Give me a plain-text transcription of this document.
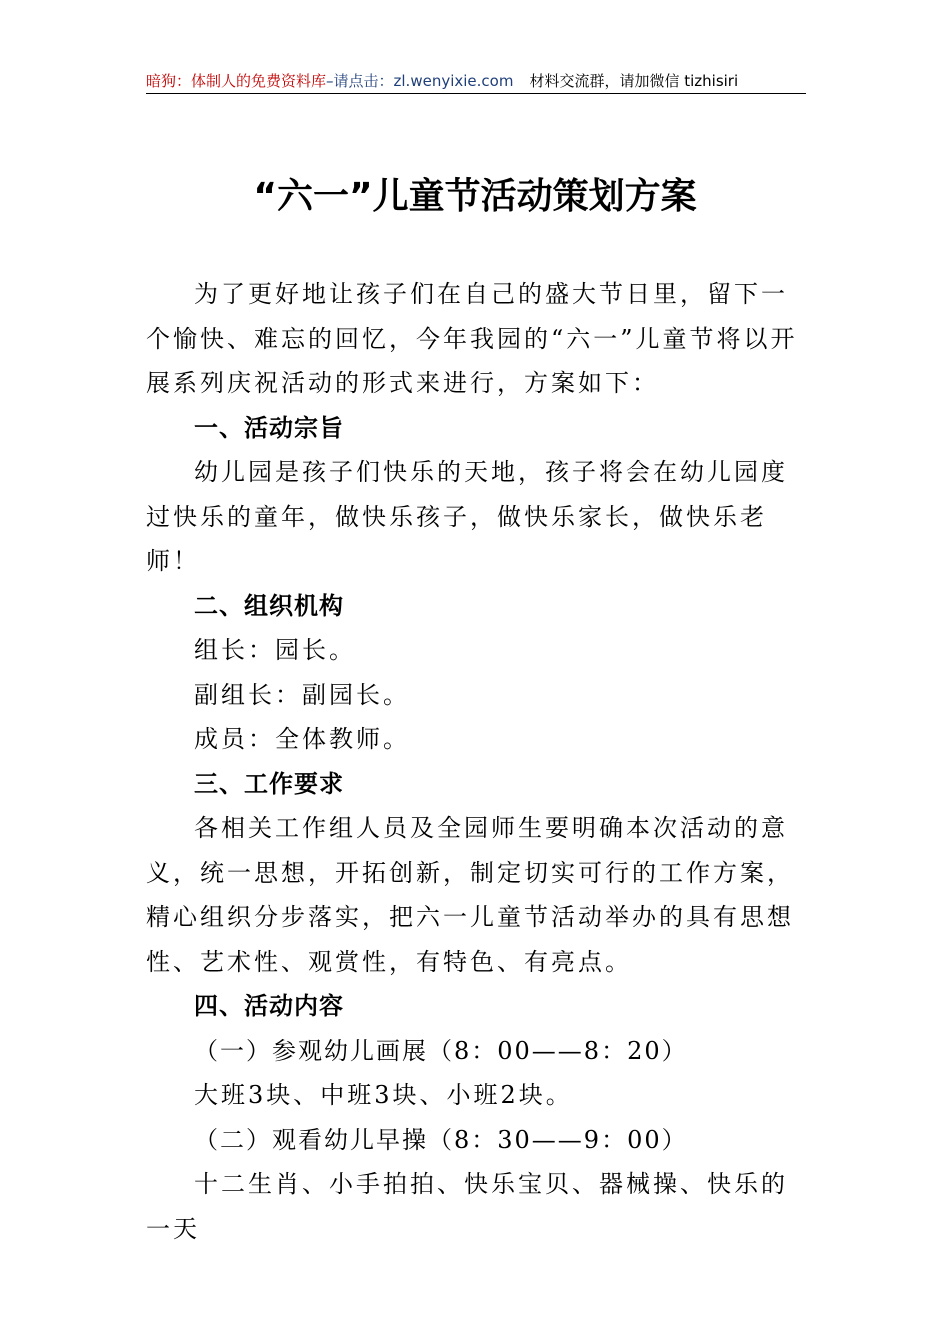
暗狗：体制人的免费资料库–请点击：zl.wenyixie.com 材料交流群，请加微信 tizhisiri
“六一”儿童节活动策划方案

为了更好地让孩子们在自己的盛大节日里，留下一个愉快、难忘的回忆，今年我园的“六一”儿童节将以开展系列庆祝活动的形式来进行，方案如下：

一、活动宗旨

幼儿园是孩子们快乐的天地，孩子将会在幼儿园度过快乐的童年，做快乐孩子，做快乐家长，做快乐老师！

二、组织机构

组长：园长。

副组长：副园长。

成员：全体教师。

三、工作要求

各相关工作组人员及全园师生要明确本次活动的意义，统一思想，开拓创新，制定切实可行的工作方案，精心组织分步落实，把六一儿童节活动举办的具有思想性、艺术性、观赏性，有特色、有亮点。

四、活动内容

（一）参观幼儿画展（8：00——8：20）

大班3块、中班3块、小班2块。

（二）观看幼儿早操（8：30——9：00）

十二生肖、小手拍拍、快乐宝贝、器械操、快乐的一天
